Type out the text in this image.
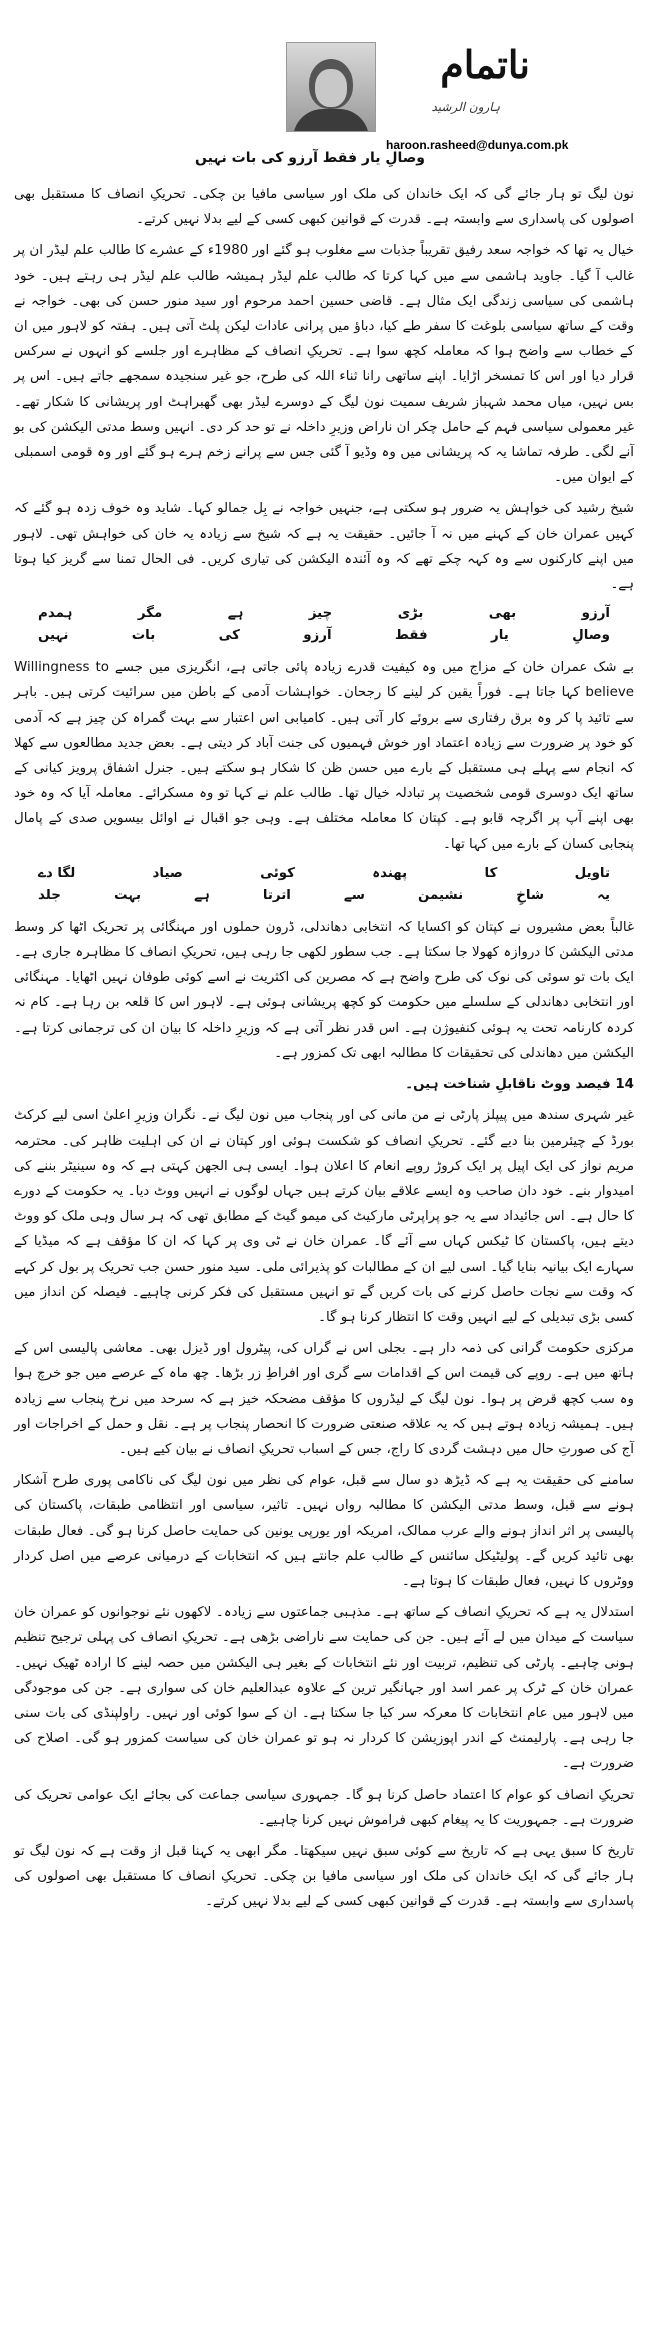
ناتمام
ہارون الرشید
haroon.rasheed@dunya.com.pk
وصالِ یار فقط آرزو کی بات نہیں

نون لیگ تو ہار جائے گی کہ ایک خاندان کی ملک اور سیاسی مافیا بن چکی۔ تحریکِ انصاف کا مستقبل بھی اصولوں کی پاسداری سے وابستہ ہے۔ قدرت کے قوانین کبھی کسی کے لیے بدلا نہیں کرتے۔

خیال یہ تھا کہ خواجہ سعد رفیق تقریباً جذبات سے مغلوب ہو گئے اور 1980ء کے عشرے کا طالب علم لیڈر ان پر غالب آ گیا۔ جاوید ہاشمی سے میں کہا کرتا کہ طالب علم لیڈر ہمیشہ طالب علم لیڈر ہی رہتے ہیں۔ خود ہاشمی کی سیاسی زندگی ایک مثال ہے۔ قاضی حسین احمد مرحوم اور سید منور حسن کی بھی۔ خواجہ نے وقت کے ساتھ سیاسی بلوغت کا سفر طے کیا، دباؤ میں پرانی عادات لیکن پلٹ آتی ہیں۔ ہفتہ کو لاہور میں ان کے خطاب سے واضح ہوا کہ معاملہ کچھ سوا ہے۔ تحریکِ انصاف کے مظاہرے اور جلسے کو انہوں نے سرکس قرار دیا اور اس کا تمسخر اڑایا۔ اپنے ساتھی رانا ثناء اللہ کی طرح، جو غیر سنجیدہ سمجھے جاتے ہیں۔ اس پر بس نہیں، میاں محمد شہباز شریف سمیت نون لیگ کے دوسرے لیڈر بھی گھبراہٹ اور پریشانی کا شکار تھے۔ غیر معمولی سیاسی فہم کے حامل چکر ان ناراض وزیرِ داخلہ نے تو حد کر دی۔ انہیں وسط مدتی الیکشن کی بو آنے لگی۔ طرفہ تماشا یہ کہ پریشانی میں وہ وڈیو آ گئی جس سے پرانے زخم ہرے ہو گئے اور وہ قومی اسمبلی کے ایوان میں۔

شیخ رشید کی خواہش یہ ضرور ہو سکتی ہے، جنہیں خواجہ نے بِل جمالو کہا۔ شاید وہ خوف زدہ ہو گئے کہ کہیں عمران خان کے کہنے میں نہ آ جائیں۔ حقیقت یہ ہے کہ شیخ سے زیادہ یہ خان کی خواہش تھی۔ لاہور میں اپنے کارکنوں سے وہ کہہ چکے تھے کہ وہ آئندہ الیکشن کی تیاری کریں۔ فی الحال تمنا سے گریز کیا ہوتا ہے۔

آرزو
بھی
بڑی
چیز
ہے
مگر
ہمدم
وصالِ
یار
فقط
آرزو
کی
بات
نہیں

بے شک عمران خان کے مزاج میں وہ کیفیت قدرے زیادہ پائی جاتی ہے، انگریزی میں جسے Willingness to believe کہا جاتا ہے۔ فوراً یقین کر لینے کا رجحان۔ خواہشات آدمی کے باطن میں سرائیت کرتی ہیں۔ باہر سے تائید پا کر وہ برق رفتاری سے بروئے کار آتی ہیں۔ کامیابی اس اعتبار سے بہت گمراہ کن چیز ہے کہ آدمی کو خود پر ضرورت سے زیادہ اعتماد اور خوش فہمیوں کی جنت آباد کر دیتی ہے۔ بعض جدید مطالعوں سے کھلا کہ انجام سے پہلے ہی مستقبل کے بارے میں حسن ظن کا شکار ہو سکتے ہیں۔ جنرل اشفاق پرویز کیانی کے ساتھ ایک دوسری قومی شخصیت پر تبادلہ خیال تھا۔ طالب علم نے کہا تو وہ مسکرائے۔ معاملہ آیا کہ وہ خود بھی اپنے آپ پر اگرچہ قابو ہے۔ کپتان کا معاملہ مختلف ہے۔ وہی جو اقبال نے اوائل بیسویں صدی کے پامال پنجابی کسان کے بارے میں کہا تھا۔

تاویل
کا
پھندہ
کوئی
صیاد
لگا دے
یہ
شاخِ
نشیمن
سے
اترتا
ہے
بہت
جلد

غالباً بعض مشیروں نے کپتان کو اکسایا کہ انتخابی دھاندلی، ڈرون حملوں اور مہنگائی پر تحریک اٹھا کر وسط مدتی الیکشن کا دروازہ کھولا جا سکتا ہے۔ جب سطور لکھی جا رہی ہیں، تحریکِ انصاف کا مظاہرہ جاری ہے۔ ایک بات تو سوئی کی نوک کی طرح واضح ہے کہ مصرین کی اکثریت نے اسے کوئی طوفان نہیں اٹھایا۔ مہنگائی اور انتخابی دھاندلی کے سلسلے میں حکومت کو کچھ پریشانی ہوئی ہے۔ لاہور اس کا قلعہ بن رہا ہے۔ کام نہ کردہ کارنامہ تحت یہ ہوئی کنفیوژن ہے۔ اس قدر نظر آتی ہے کہ وزیرِ داخلہ کا بیان ان کی ترجمانی کرتا ہے۔ الیکشن میں دھاندلی کی تحقیقات کا مطالبہ ابھی تک کمزور ہے۔

14 فیصد ووٹ ناقابلِ شناخت ہیں۔

غیر شہری سندھ میں پیپلز پارٹی نے من مانی کی اور پنجاب میں نون لیگ نے۔ نگران وزیرِ اعلیٰ اسی لیے کرکٹ بورڈ کے چیئرمین بنا دیے گئے۔ تحریکِ انصاف کو شکست ہوئی اور کپتان نے ان کی اہلیت ظاہر کی۔ محترمہ مریم نواز کی ایک اپیل پر ایک کروڑ روپے انعام کا اعلان ہوا۔ ایسی ہی الجھن کہتی ہے کہ وہ سینیٹر بننے کی امیدوار بنے۔ خود دان صاحب وہ ایسے علاقے بیان کرتے ہیں جہاں لوگوں نے انہیں ووٹ دیا۔ یہ حکومت کے دورے کا حال ہے۔ اس جائیداد سے یہ جو پراپرٹی مارکیٹ کی میمو گیٹ کے مطابق تھی کہ ہر سال وہی ملک کو ووٹ دیتے ہیں، پاکستان کا ٹیکس کہاں سے آئے گا۔ عمران خان نے ٹی وی پر کہا کہ ان کا مؤقف ہے کہ میڈیا کے سہارے ایک بیانیہ بنایا گیا۔ اسی لیے ان کے مطالبات کو پذیرائی ملی۔ سید منور حسن جب تحریک پر بول کر کہے کہ وقت سے نجات حاصل کرنے کی بات کریں گے تو انہیں مستقبل کی فکر کرنی چاہیے۔ فیصلہ کن انداز میں کسی بڑی تبدیلی کے لیے انہیں وقت کا انتظار کرنا ہو گا۔

مرکزی حکومت گرانی کی ذمہ دار ہے۔ بجلی اس نے گراں کی، پیٹرول اور ڈیزل بھی۔ معاشی پالیسی اس کے ہاتھ میں ہے۔ روپے کی قیمت اس کے اقدامات سے گری اور افراطِ زر بڑھا۔ چھ ماہ کے عرصے میں جو خرچ ہوا وہ سب کچھ قرض پر ہوا۔ نون لیگ کے لیڈروں کا مؤقف مضحکہ خیز ہے کہ سرحد میں نرخ پنجاب سے زیادہ ہیں۔ ہمیشہ زیادہ ہوتے ہیں کہ یہ علاقہ صنعتی ضرورت کا انحصار پنجاب پر ہے۔ نقل و حمل کے اخراجات اور آج کی صورتِ حال میں دہشت گردی کا راج، جس کے اسباب تحریکِ انصاف نے بیان کیے ہیں۔

سامنے کی حقیقت یہ ہے کہ ڈیڑھ دو سال سے قبل، عوام کی نظر میں نون لیگ کی ناکامی پوری طرح آشکار ہونے سے قبل، وسط مدتی الیکشن کا مطالبہ رواں نہیں۔ تاثیر، سیاسی اور انتظامی طبقات، پاکستان کی پالیسی پر اثر انداز ہونے والے عرب ممالک، امریکہ اور یورپی یونین کی حمایت حاصل کرنا ہو گی۔ فعال طبقات بھی تائید کریں گے۔ پولیٹیکل سائنس کے طالب علم جانتے ہیں کہ انتخابات کے درمیانی عرصے میں اصل کردار ووٹروں کا نہیں، فعال طبقات کا ہوتا ہے۔

استدلال یہ ہے کہ تحریکِ انصاف کے ساتھ ہے۔ مذہبی جماعتوں سے زیادہ۔ لاکھوں نئے نوجوانوں کو عمران خان سیاست کے میدان میں لے آئے ہیں۔ جن کی حمایت سے ناراضی بڑھی ہے۔ تحریکِ انصاف کی پہلی ترجیح تنظیم ہونی چاہیے۔ پارٹی کی تنظیم، تربیت اور نئے انتخابات کے بغیر ہی الیکشن میں حصہ لینے کا ارادہ ٹھیک نہیں۔ عمران خان کے ٹرک پر عمر اسد اور جہانگیر ترین کے علاوہ عبدالعلیم خان کی سواری ہے۔ جن کی موجودگی میں لاہور میں عام انتخابات کا معرکہ سر کیا جا سکتا ہے۔ ان کے سوا کوئی اور نہیں۔ راولپنڈی کی بات سنی جا رہی ہے۔ پارلیمنٹ کے اندر اپوزیشن کا کردار نہ ہو تو عمران خان کی سیاست کمزور ہو گی۔ اصلاح کی ضرورت ہے۔

تحریکِ انصاف کو عوام کا اعتماد حاصل کرنا ہو گا۔ جمہوری سیاسی جماعت کی بجائے ایک عوامی تحریک کی ضرورت ہے۔ جمہوریت کا یہ پیغام کبھی فراموش نہیں کرنا چاہیے۔

تاریخ کا سبق یہی ہے کہ تاریخ سے کوئی سبق نہیں سیکھتا۔ مگر ابھی یہ کہنا قبل از وقت ہے کہ نون لیگ تو ہار جائے گی کہ ایک خاندان کی ملک اور سیاسی مافیا بن چکی۔ تحریکِ انصاف کا مستقبل بھی اصولوں کی پاسداری سے وابستہ ہے۔ قدرت کے قوانین کبھی کسی کے لیے بدلا نہیں کرتے۔
